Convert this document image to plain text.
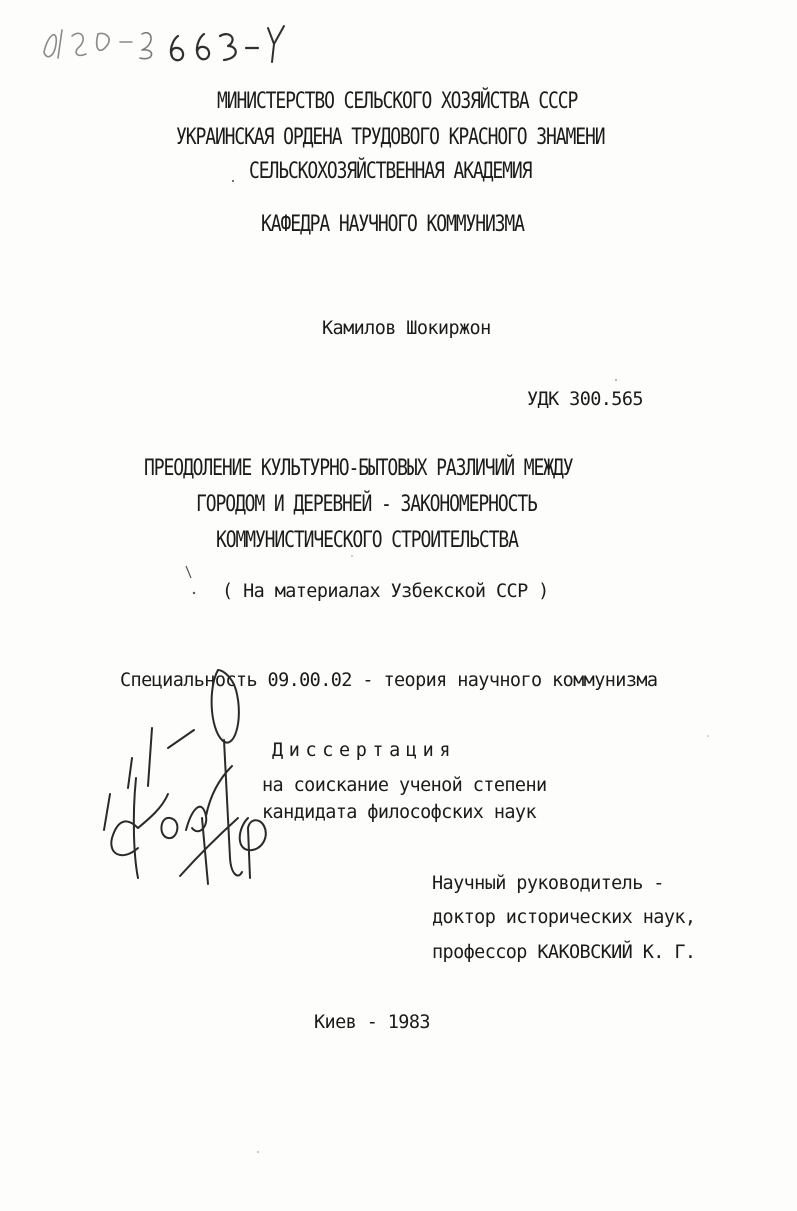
МИНИСТЕРСТВО СЕЛЬСКОГО ХОЗЯЙСТВА СССР
УКРАИНСКАЯ ОРДЕНА ТРУДОВОГО КРАСНОГО ЗНАМЕНИ
СЕЛЬСКОХОЗЯЙСТВЕННАЯ АКАДЕМИЯ
КАФЕДРА НАУЧНОГО КОММУНИЗМА
Камилов Шокиржон
УДК 300.565
ПРЕОДОЛЕНИЕ КУЛЬТУРНО-БЫТОВЫХ РАЗЛИЧИЙ МЕЖДУ
ГОРОДОМ И ДЕРЕВНЕЙ - ЗАКОНОМЕРНОСТЬ
КОММУНИСТИЧЕСКОГО СТРОИТЕЛЬСТВА
( На материалах Узбекской ССР )
Специальность 09.00.02 - теория научного коммунизма
Диссертация
на соискание ученой степени
кандидата философских наук
Научный руководитель -
доктор исторических наук,
профессор КАКОВСКИЙ К. Г.
Киев - 1983
